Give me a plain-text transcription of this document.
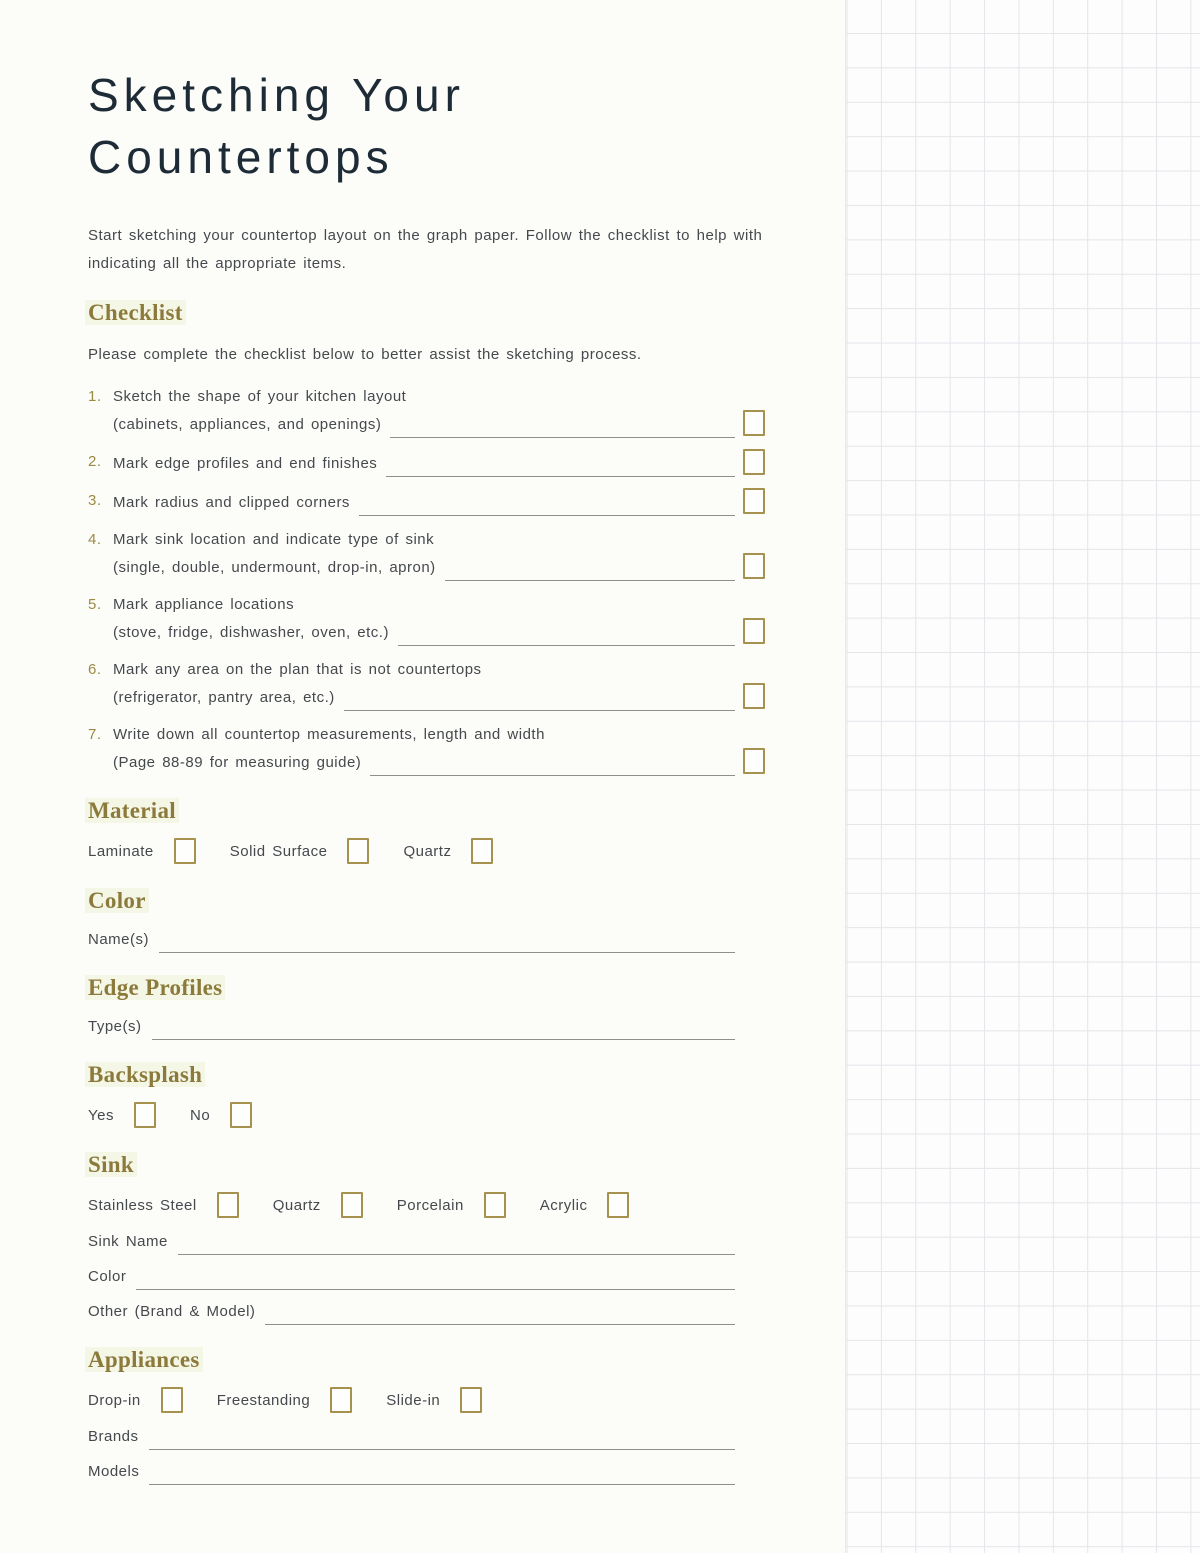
Sketching Your
Countertops

Start sketching your countertop layout on the graph paper. Follow the checklist to help with indicating all the appropriate items.

Checklist

Please complete the checklist below to better assist the sketching process.

1. Sketch the shape of your kitchen layout
(cabinets, appliances, and openings)
2. Mark edge profiles and end finishes
3. Mark radius and clipped corners
4. Mark sink location and indicate type of sink
(single, double, undermount, drop-in, apron)
5. Mark appliance locations
(stove, fridge, dishwasher, oven, etc.)
6. Mark any area on the plan that is not countertops
(refrigerator, pantry area, etc.)
7. Write down all countertop measurements, length and width
(Page 88-89 for measuring guide)
Material
Laminate	Solid Surface	Quartz
Color
Name(s)
Edge Profiles
Type(s)
Backsplash
Yes	No
Sink
Stainless Steel	Quartz	Porcelain	Acrylic
Sink Name
Color
Other (Brand & Model)
Appliances
Drop-in	Freestanding	Slide-in
Brands
Models
